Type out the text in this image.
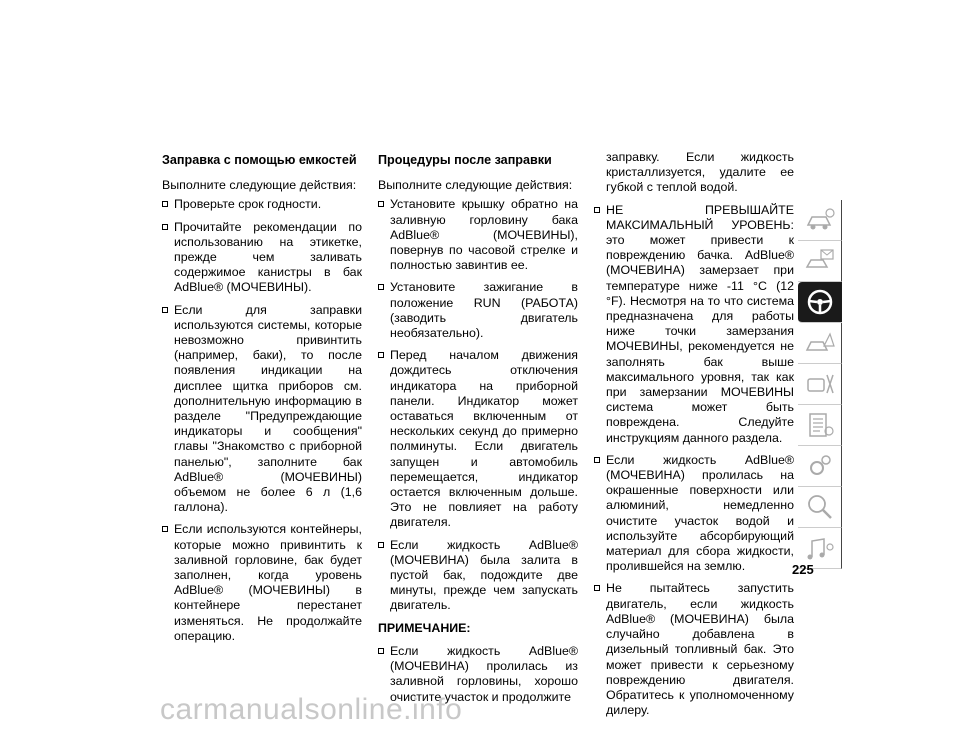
Заправка с помощью емкостей
Выполните следующие действия:
Проверьте срок годности.
Прочитайте рекомендации по использованию на этикетке, прежде чем заливать содержимое канистры в бак AdBlue® (МОЧЕВИНЫ).
Если для заправки используются системы, которые невозможно привинтить (например, баки), то после появления индикации на дисплее щитка приборов см. дополнительную информацию в разделе "Предупреждающие индикаторы и сообщения" главы "Знакомство с приборной панелью", заполните бак AdBlue® (МОЧЕВИНЫ) объемом не более 6 л (1,6 галлона).
Если используются контейнеры, которые можно привинтить к заливной горловине, бак будет заполнен, когда уровень AdBlue® (МОЧЕВИНЫ) в контейнере перестанет изменяться. Не продолжайте операцию.
Процедуры после заправки
Выполните следующие действия:
Установите крышку обратно на заливную горловину бака AdBlue® (МОЧЕВИНЫ), повернув по часовой стрелке и полностью завинтив ее.
Установите зажигание в положение RUN (РАБОТА) (заводить двигатель необязательно).
Перед началом движения дождитесь отключения индикатора на приборной панели. Индикатор может оставаться включенным от нескольких секунд до примерно полминуты. Если двигатель запущен и автомобиль перемещается, индикатор остается включенным дольше. Это не повлияет на работу двигателя.
Если жидкость AdBlue® (МОЧЕВИНА) была залита в пустой бак, подождите две минуты, прежде чем запускать двигатель.
ПРИМЕЧАНИЕ:
Если жидкость AdBlue® (МОЧЕВИНА) пролилась из заливной горловины, хорошо очистите участок и продолжите
заправку. Если жидкость кристаллизуется, удалите ее губкой с теплой водой.
НЕ ПРЕВЫШАЙТЕ МАКСИМАЛЬНЫЙ УРОВЕНЬ: это может привести к повреждению бачка. AdBlue® (МОЧЕВИНА) замерзает при температуре ниже -11 °C (12 °F). Несмотря на то что система предназначена для работы ниже точки замерзания МОЧЕВИНЫ, рекомендуется не заполнять бак выше максимального уровня, так как при замерзании МОЧЕВИНЫ система может быть повреждена. Следуйте инструкциям данного раздела.
Если жидкость AdBlue® (МОЧЕВИНА) пролилась на окрашенные поверхности или алюминий, немедленно очистите участок водой и используйте абсорбирующий материал для сбора жидкости, пролившейся на землю.
Не пытайтесь запустить двигатель, если жидкость AdBlue® (МОЧЕВИНА) была случайно добавлена в дизельный топливный бак. Это может привести к серьезному повреждению двигателя. Обратитесь к уполномоченному дилеру.
225
carmanualsonline.info
